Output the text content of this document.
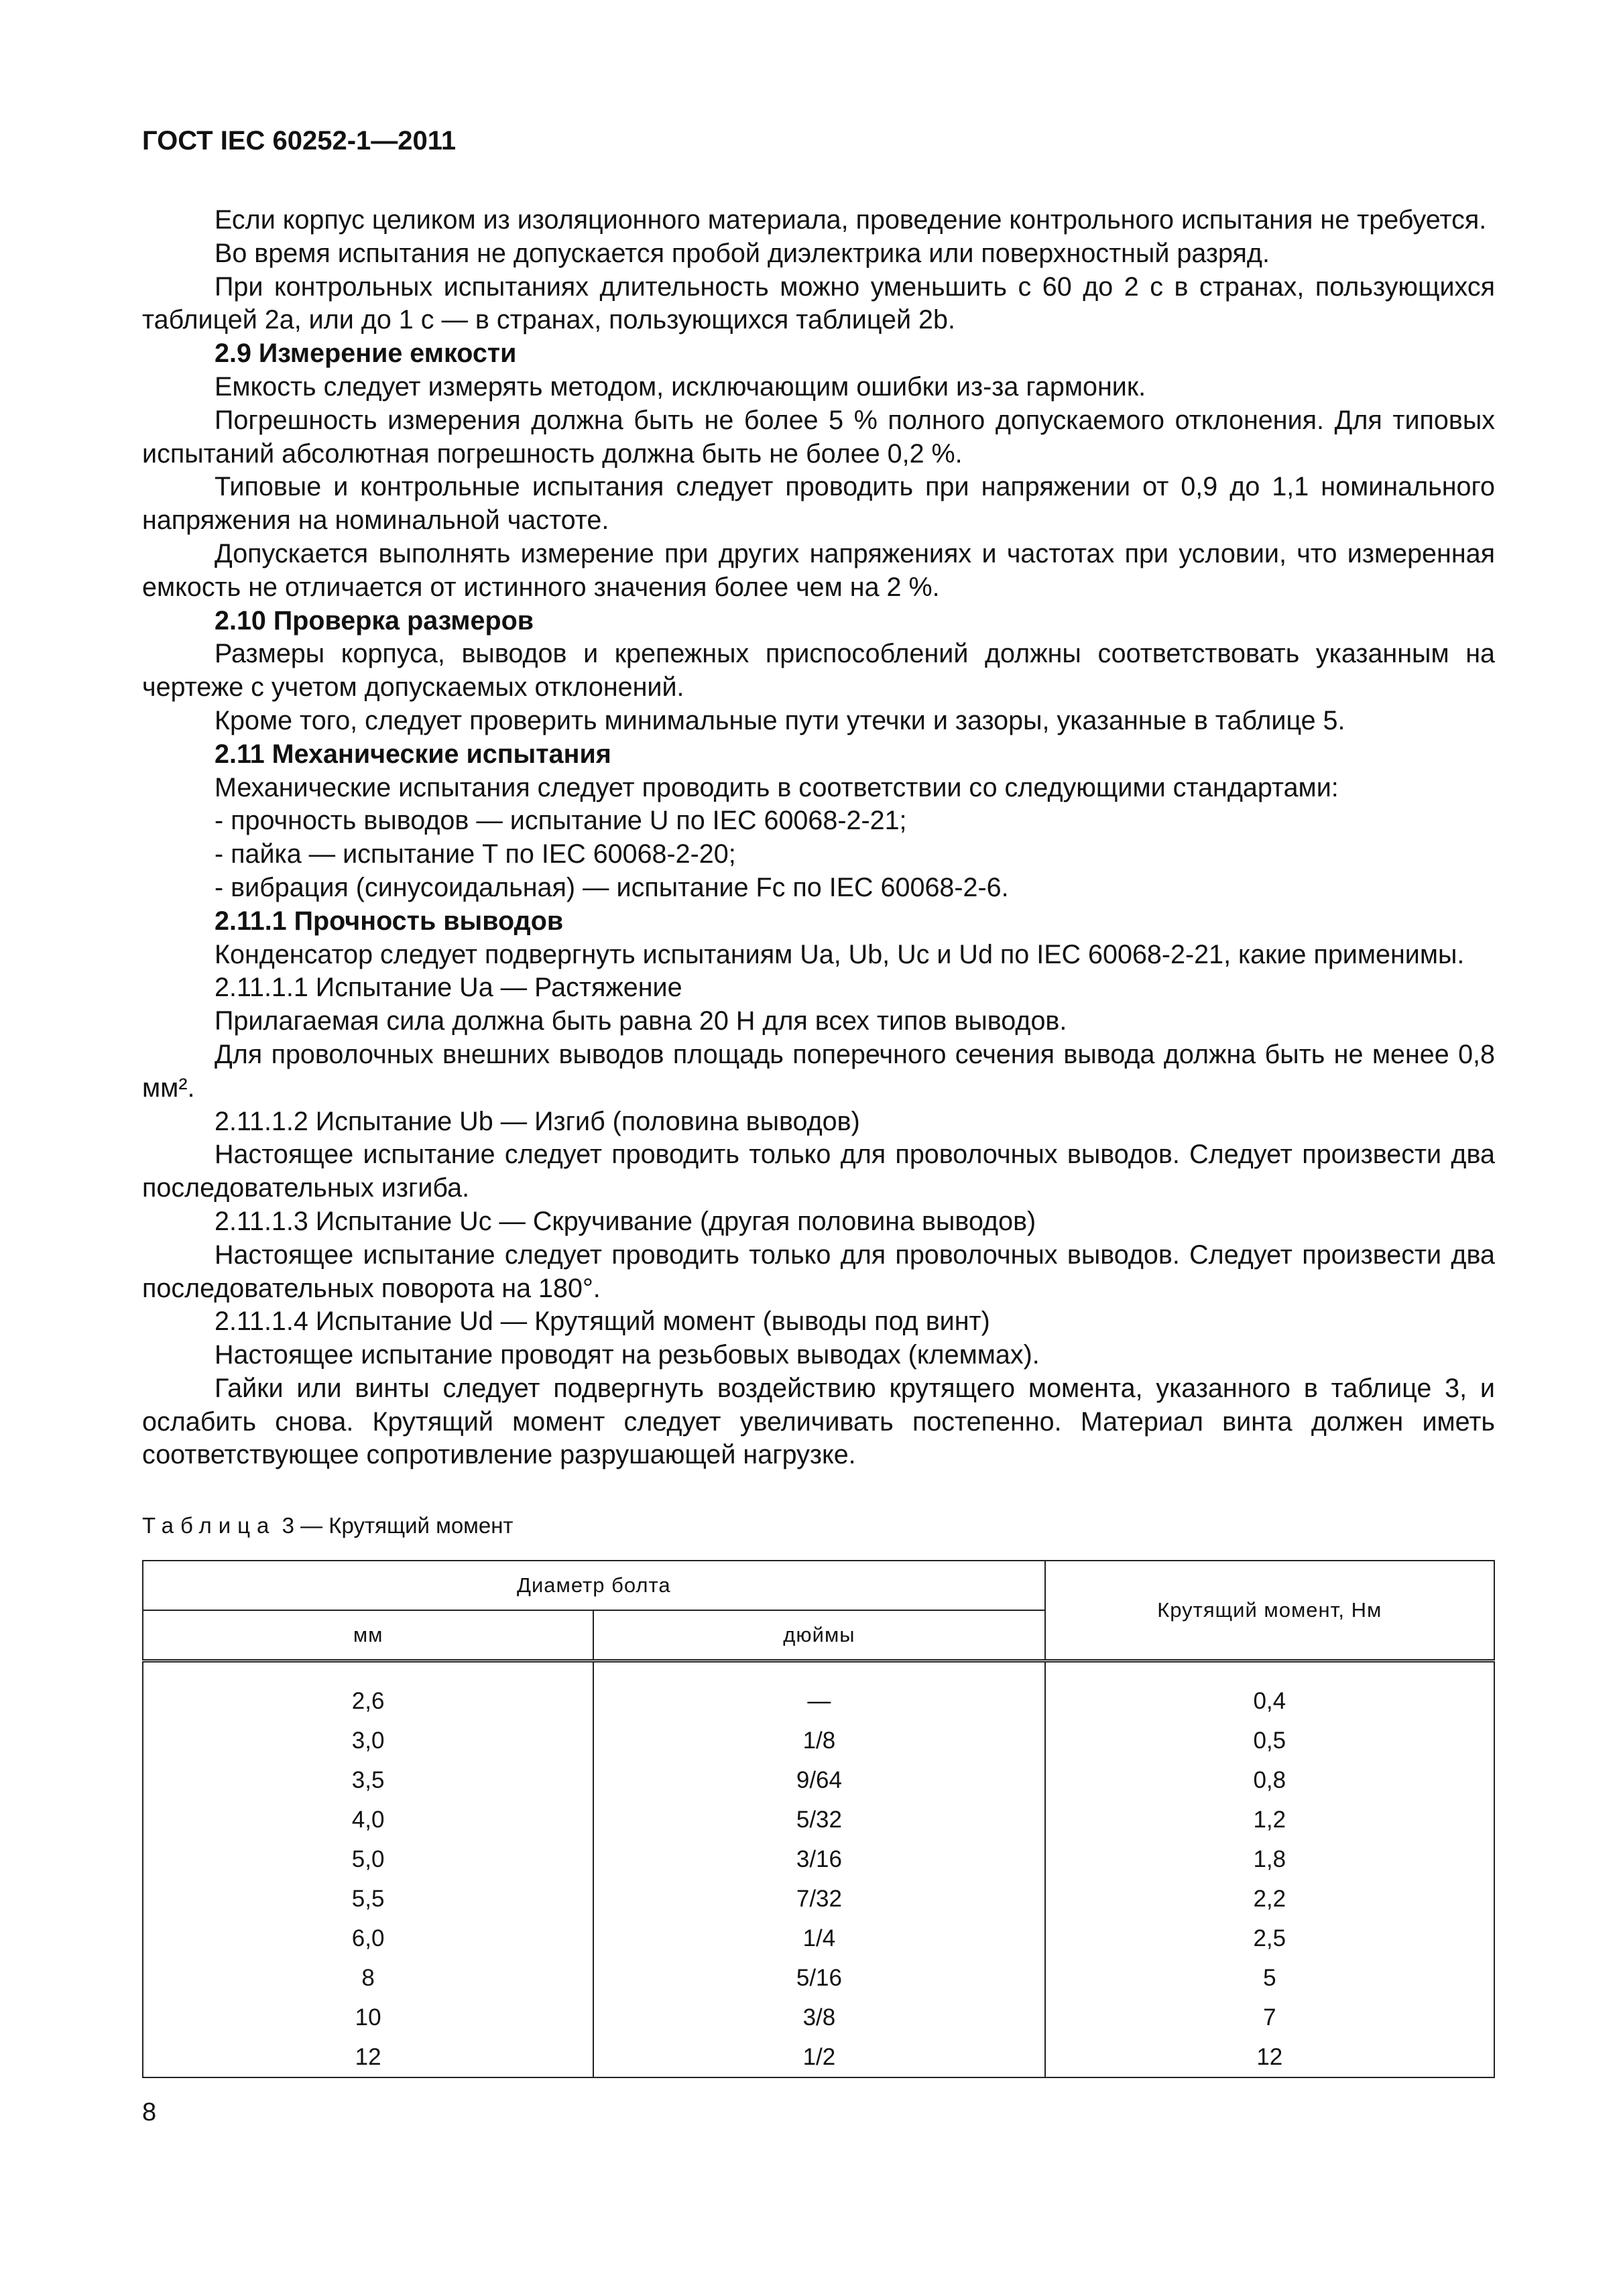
ГОСТ IEC 60252-1—2011

Если корпус целиком из изоляционного материала, проведение контрольного испытания не требуется.

Во время испытания не допускается пробой диэлектрика или поверхностный разряд.

При контрольных испытаниях длительность можно уменьшить с 60 до 2 с в странах, пользующихся таблицей 2а, или до 1 с — в странах, пользующихся таблицей 2b.

2.9 Измерение емкости

Емкость следует измерять методом, исключающим ошибки из-за гармоник.

Погрешность измерения должна быть не более 5 % полного допускаемого отклонения. Для типовых испытаний абсолютная погрешность должна быть не более 0,2 %.

Типовые и контрольные испытания следует проводить при напряжении от 0,9 до 1,1 номинального напряжения на номинальной частоте.

Допускается выполнять измерение при других напряжениях и частотах при условии, что измеренная емкость не отличается от истинного значения более чем на 2 %.

2.10 Проверка размеров

Размеры корпуса, выводов и крепежных приспособлений должны соответствовать указанным на чертеже с учетом допускаемых отклонений.

Кроме того, следует проверить минимальные пути утечки и зазоры, указанные в таблице 5.

2.11 Механические испытания

Механические испытания следует проводить в соответствии со следующими стандартами:

- прочность выводов — испытание U по IEC 60068-2-21;

- пайка — испытание T по IEC 60068-2-20;

- вибрация (синусоидальная) — испытание Fc по IEC 60068-2-6.

2.11.1 Прочность выводов

Конденсатор следует подвергнуть испытаниям Ua, Ub, Uc и Ud по IEC 60068-2-21, какие применимы.

2.11.1.1 Испытание Ua — Растяжение

Прилагаемая сила должна быть равна 20 Н для всех типов выводов.

Для проволочных внешних выводов площадь поперечного сечения вывода должна быть не менее 0,8 мм².

2.11.1.2 Испытание Ub — Изгиб (половина выводов)

Настоящее испытание следует проводить только для проволочных выводов. Следует произвести два последовательных изгиба.

2.11.1.3 Испытание Uc — Скручивание (другая половина выводов)

Настоящее испытание следует проводить только для проволочных выводов. Следует произвести два последовательных поворота на 180°.

2.11.1.4 Испытание Ud — Крутящий момент (выводы под винт)

Настоящее испытание проводят на резьбовых выводах (клеммах).

Гайки или винты следует подвергнуть воздействию крутящего момента, указанного в таблице 3, и ослабить снова. Крутящий момент следует увеличивать постепенно. Материал винта должен иметь соответствующее сопротивление разрушающей нагрузке.

Таблица 3 — Крутящий момент
Диаметр болта		Крутящий момент, Нм
мм	дюймы	
2,6	—	0,4
3,0	1/8	0,5
3,5	9/64	0,8
4,0	5/32	1,2
5,0	3/16	1,8
5,5	7/32	2,2
6,0	1/4	2,5
8	5/16	5
10	3/8	7
12	1/2	12
8
